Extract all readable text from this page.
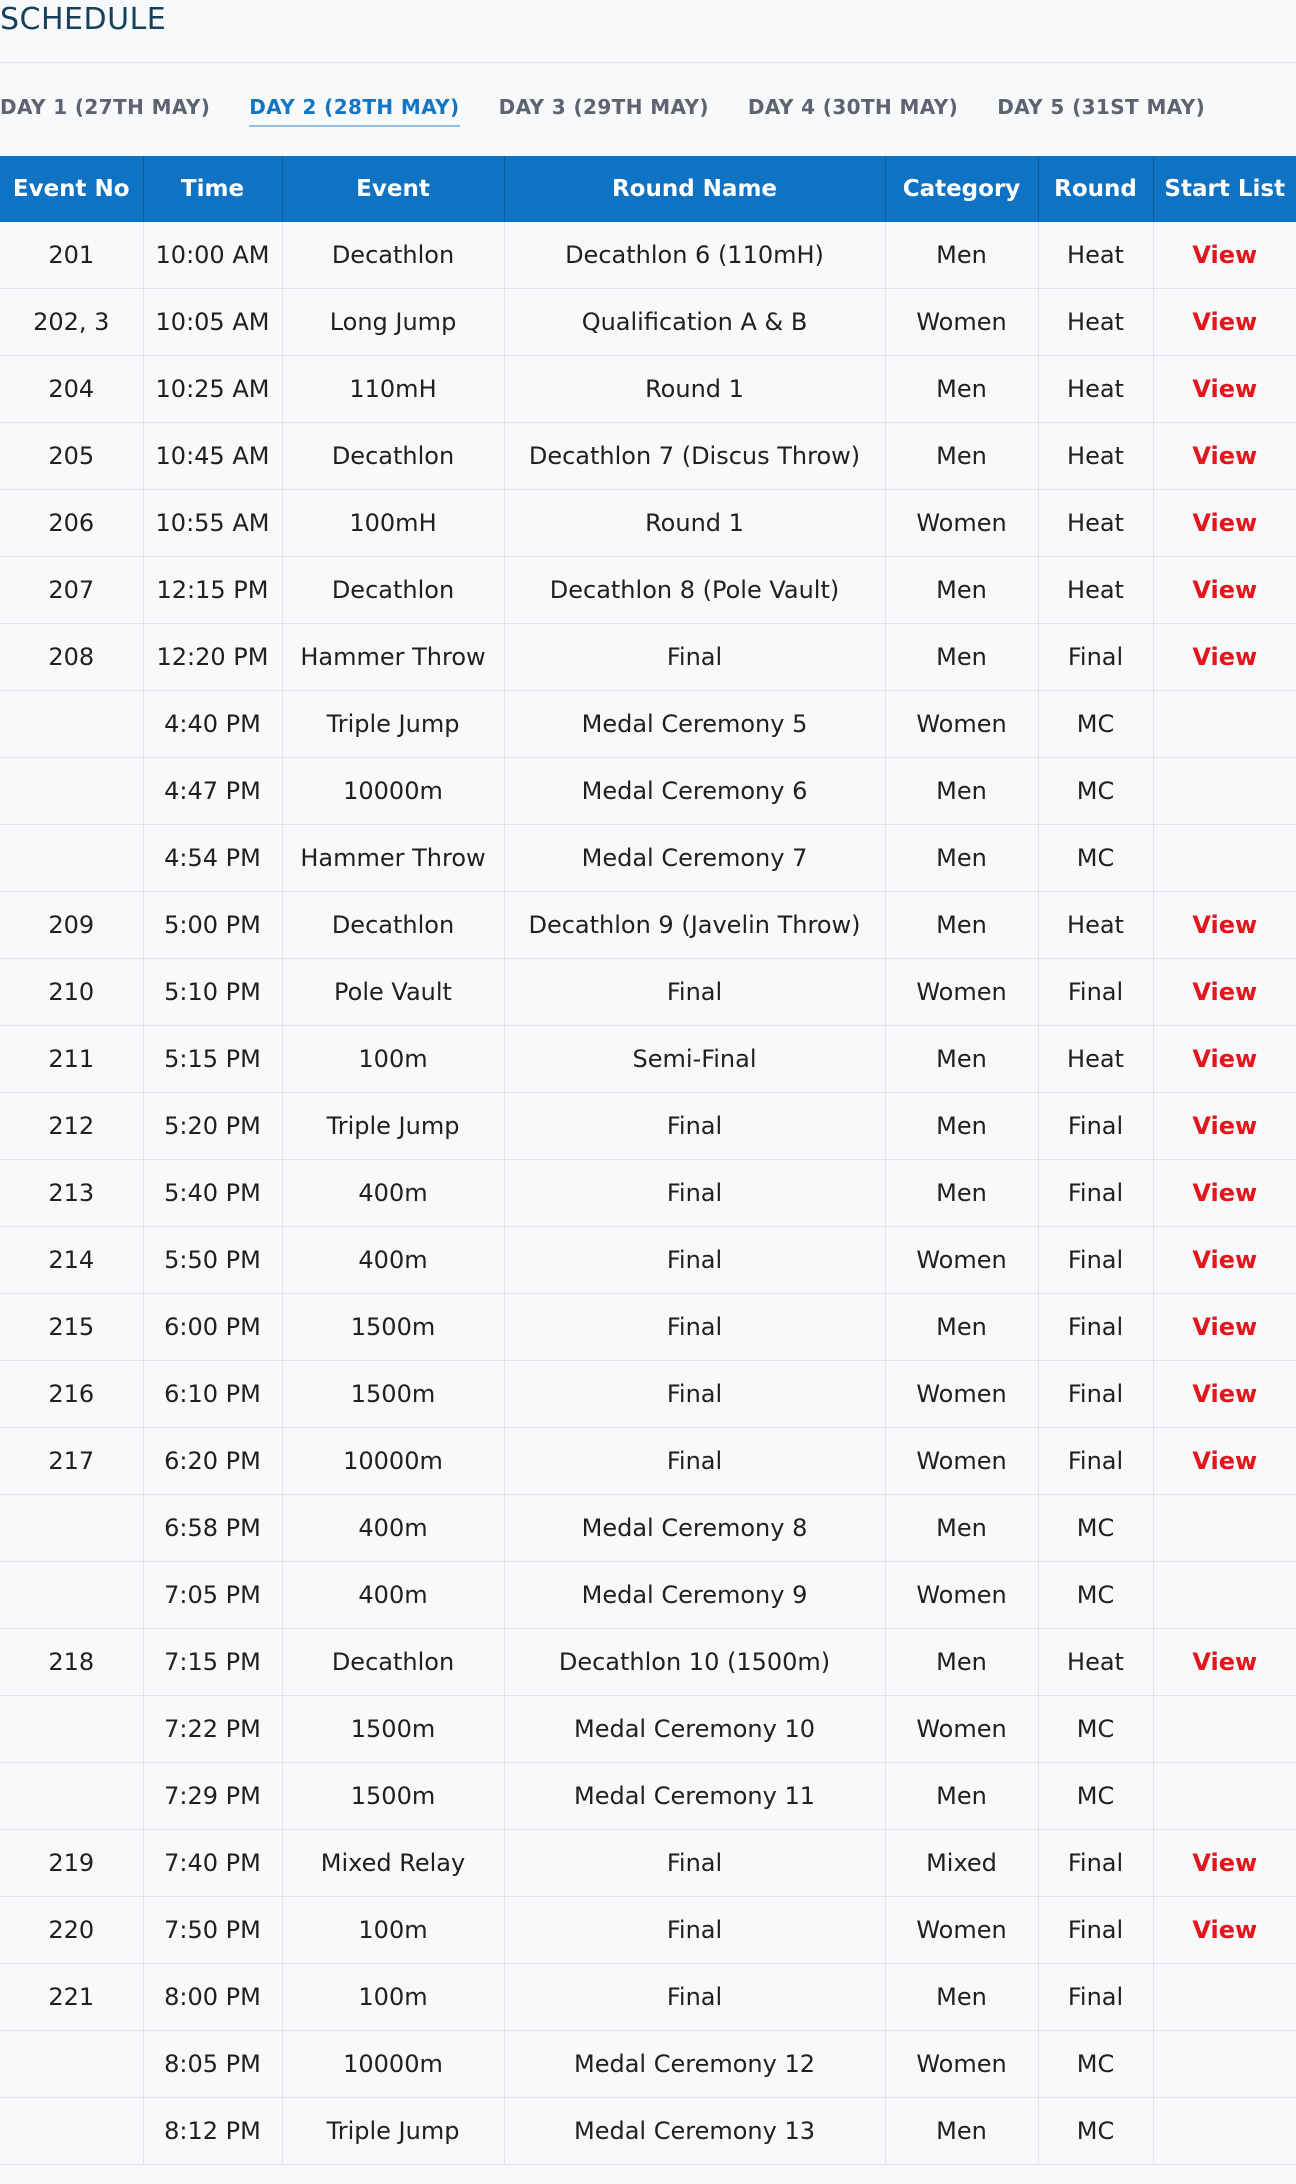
SCHEDULE
DAY 1 (27TH MAY) DAY 2 (28TH MAY) DAY 3 (29TH MAY) DAY 4 (30TH MAY) DAY 5 (31ST MAY)
Event No	Time	Event	Round Name	Category	Round	Start List
201	10:00 AM	Decathlon	Decathlon 6 (110mH)	Men	Heat	View
202, 3	10:05 AM	Long Jump	Qualification A & B	Women	Heat	View
204	10:25 AM	110mH	Round 1	Men	Heat	View
205	10:45 AM	Decathlon	Decathlon 7 (Discus Throw)	Men	Heat	View
206	10:55 AM	100mH	Round 1	Women	Heat	View
207	12:15 PM	Decathlon	Decathlon 8 (Pole Vault)	Men	Heat	View
208	12:20 PM	Hammer Throw	Final	Men	Final	View
	4:40 PM	Triple Jump	Medal Ceremony 5	Women	MC	
	4:47 PM	10000m	Medal Ceremony 6	Men	MC	
	4:54 PM	Hammer Throw	Medal Ceremony 7	Men	MC	
209	5:00 PM	Decathlon	Decathlon 9 (Javelin Throw)	Men	Heat	View
210	5:10 PM	Pole Vault	Final	Women	Final	View
211	5:15 PM	100m	Semi-Final	Men	Heat	View
212	5:20 PM	Triple Jump	Final	Men	Final	View
213	5:40 PM	400m	Final	Men	Final	View
214	5:50 PM	400m	Final	Women	Final	View
215	6:00 PM	1500m	Final	Men	Final	View
216	6:10 PM	1500m	Final	Women	Final	View
217	6:20 PM	10000m	Final	Women	Final	View
	6:58 PM	400m	Medal Ceremony 8	Men	MC	
	7:05 PM	400m	Medal Ceremony 9	Women	MC	
218	7:15 PM	Decathlon	Decathlon 10 (1500m)	Men	Heat	View
	7:22 PM	1500m	Medal Ceremony 10	Women	MC	
	7:29 PM	1500m	Medal Ceremony 11	Men	MC	
219	7:40 PM	Mixed Relay	Final	Mixed	Final	View
220	7:50 PM	100m	Final	Women	Final	View
221	8:00 PM	100m	Final	Men	Final	
	8:05 PM	10000m	Medal Ceremony 12	Women	MC	
	8:12 PM	Triple Jump	Medal Ceremony 13	Men	MC	
